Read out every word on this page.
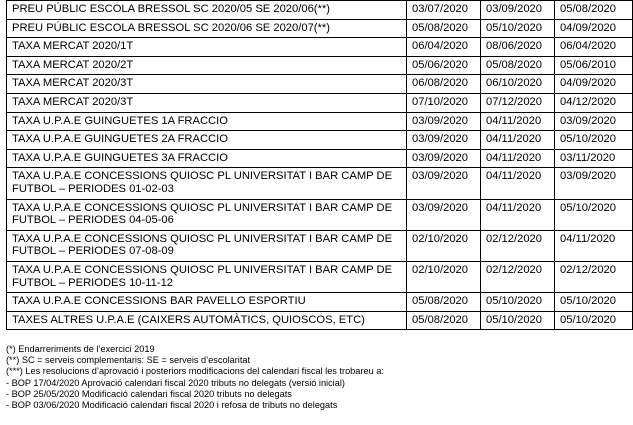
PREU PÚBLIC ESCOLA BRESSOL SC 2020/05 SE 2020/06(**)	03/07/2020	03/09/2020	05/08/2020
PREU PÚBLIC ESCOLA BRESSOL SC 2020/06 SE 2020/07(**)	05/08/2020	05/10/2020	04/09/2020
TAXA MERCAT 2020/1T	06/04/2020	08/06/2020	06/04/2020
TAXA MERCAT 2020/2T	05/06/2020	05/08/2020	05/06/2010
TAXA MERCAT 2020/3T	06/08/2020	06/10/2020	04/09/2020
TAXA MERCAT 2020/3T	07/10/2020	07/12/2020	04/12/2020
TAXA U.P.A.E GUINGUETES 1A FRACCIO	03/09/2020	04/11/2020	03/09/2020
TAXA U.P.A.E GUINGUETES 2A FRACCIO	03/09/2020	04/11/2020	05/10/2020
TAXA U.P.A.E GUINGUETES 3A FRACCIO	03/09/2020	04/11/2020	03/11/2020
TAXA U.P.A.E CONCESSIONS QUIOSC PL UNIVERSITAT I BAR CAMP DE FUTBOL – PERIODES 01-02-03	03/09/2020	04/11/2020	03/09/2020
TAXA U.P.A.E CONCESSIONS QUIOSC PL UNIVERSITAT I BAR CAMP DE FUTBOL – PERIODES 04-05-06	03/09/2020	04/11/2020	05/10/2020
TAXA U.P.A.E CONCESSIONS QUIOSC PL UNIVERSITAT I BAR CAMP DE FUTBOL – PERIODES 07-08-09	02/10/2020	02/12/2020	04/11/2020
TAXA U.P.A.E CONCESSIONS QUIOSC PL UNIVERSITAT I BAR CAMP DE FUTBOL – PERIODES 10-11-12	02/10/2020	02/12/2020	02/12/2020
TAXA U.P.A.E CONCESSIONS BAR PAVELLO ESPORTIU	05/08/2020	05/10/2020	05/10/2020
TAXES ALTRES U.P.A.E (CAIXERS AUTOMÀTICS, QUIOSCOS, ETC)	05/08/2020	05/10/2020	05/10/2020
(*) Endarreriments de l’exercici 2019
(**) SC = serveis complementaris: SE = serveis d’escolaritat
(***) Les resolucions d’aprovació i posteriors modificacions del calendari fiscal les trobareu a:
- BOP 17/04/2020 Aprovació calendari fiscal 2020 tributs no delegats (versió inicial)
- BOP 25/05/2020 Modificació calendari fiscal 2020 tributs no delegats
- BOP 03/06/2020 Modificació calendari fiscal 2020 i refosa de tributs no delegats
